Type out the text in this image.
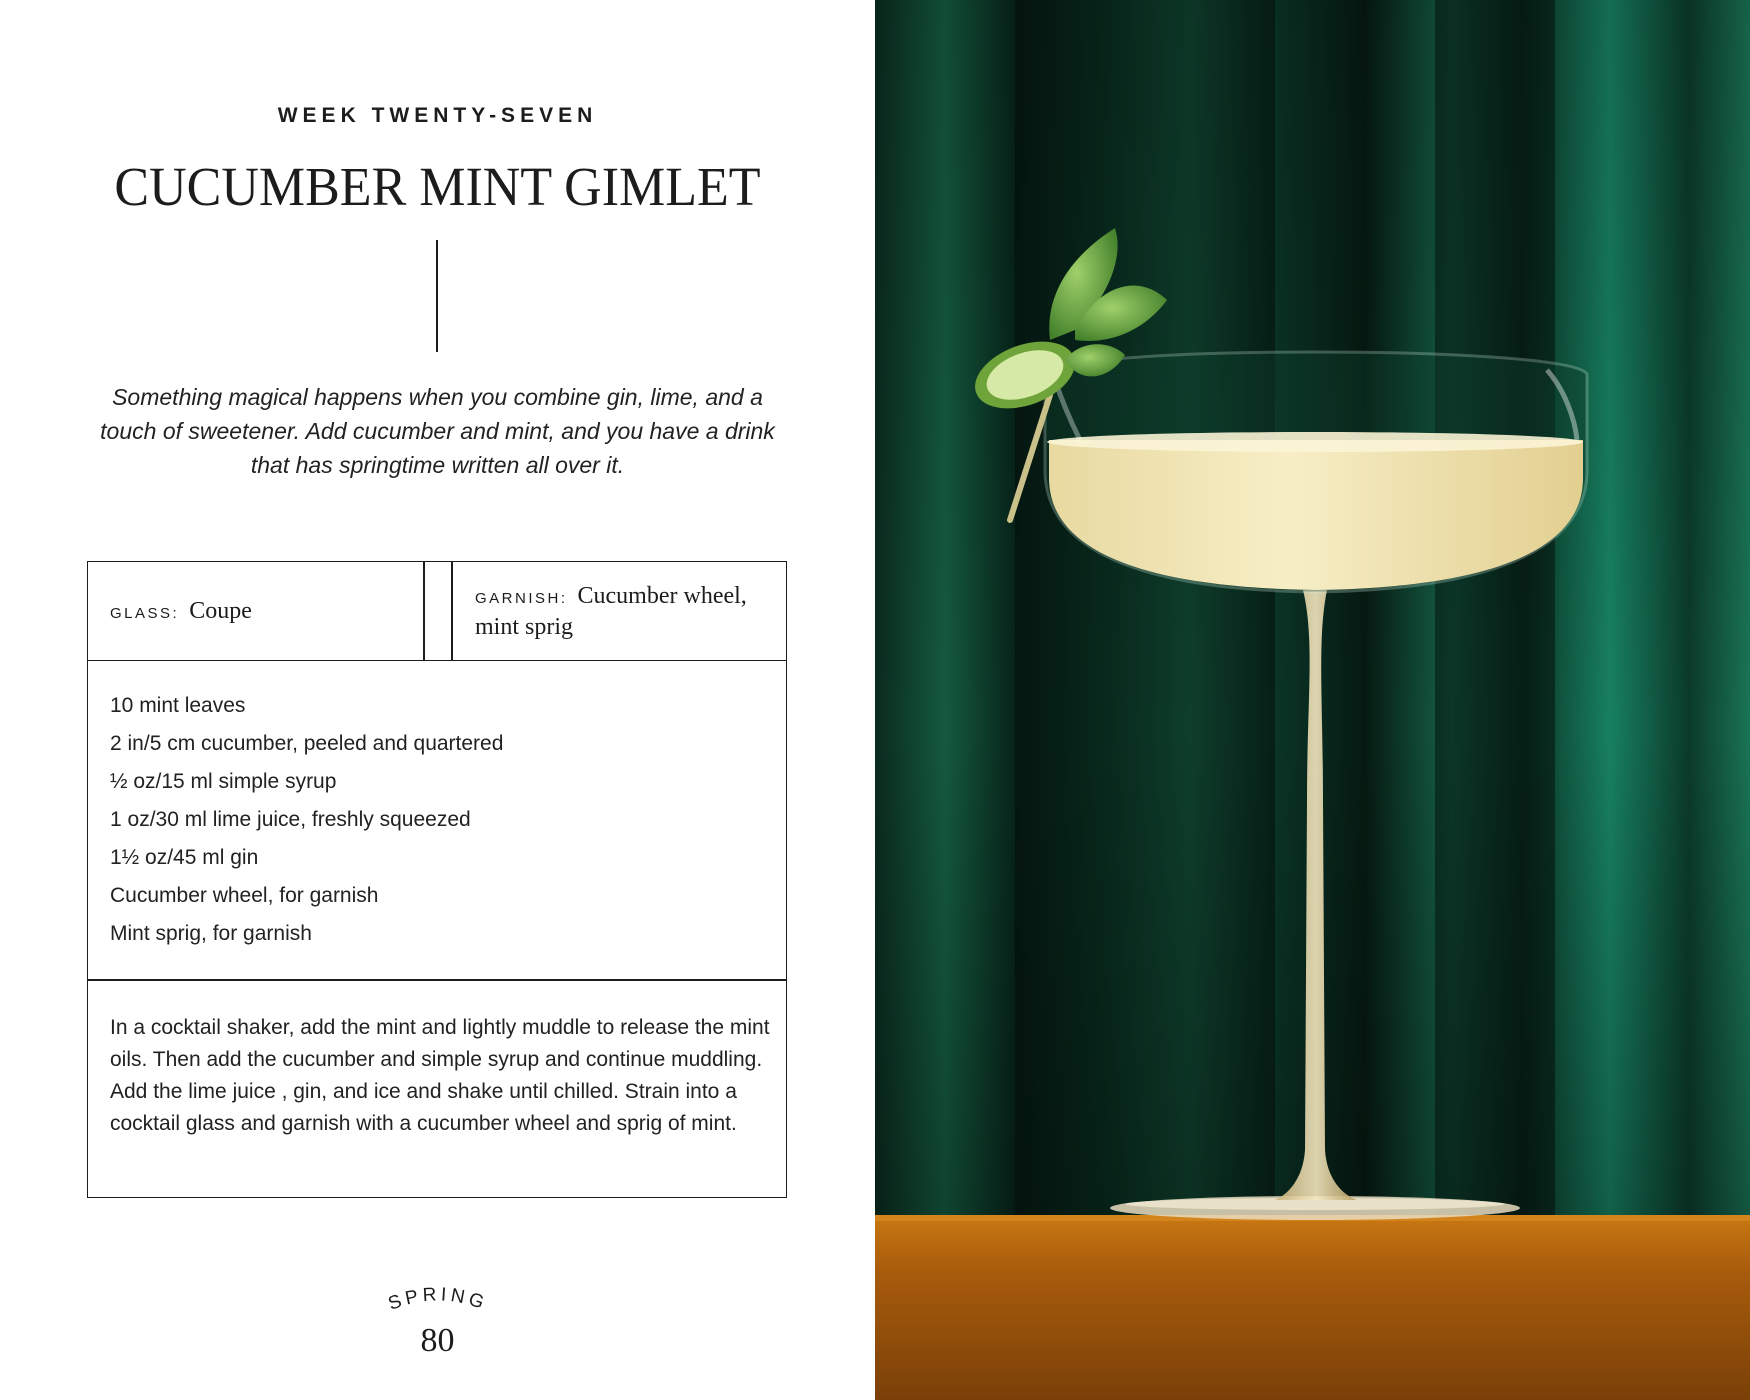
WEEK TWENTY-SEVEN
CUCUMBER MINT GIMLET
Something magical happens when you combine gin, lime, and a touch of sweetener. Add cucumber and mint, and you have a drink that has springtime written all over it.
GLASS: Coupe	GARNISH: Cucumber wheel, mint sprig
10 mint leaves
2 in/5 cm cucumber, peeled and quartered
½ oz/15 ml simple syrup
1 oz/30 ml lime juice, freshly squeezed
1½ oz/45 ml gin
Cucumber wheel, for garnish
Mint sprig, for garnish
In a cocktail shaker, add the mint and lightly muddle to release the mint oils. Then add the cucumber and simple syrup and continue muddling. Add the lime juice , gin, and ice and shake until chilled. Strain into a cocktail glass and garnish with a cucumber wheel and sprig of mint.
SPRING
80
